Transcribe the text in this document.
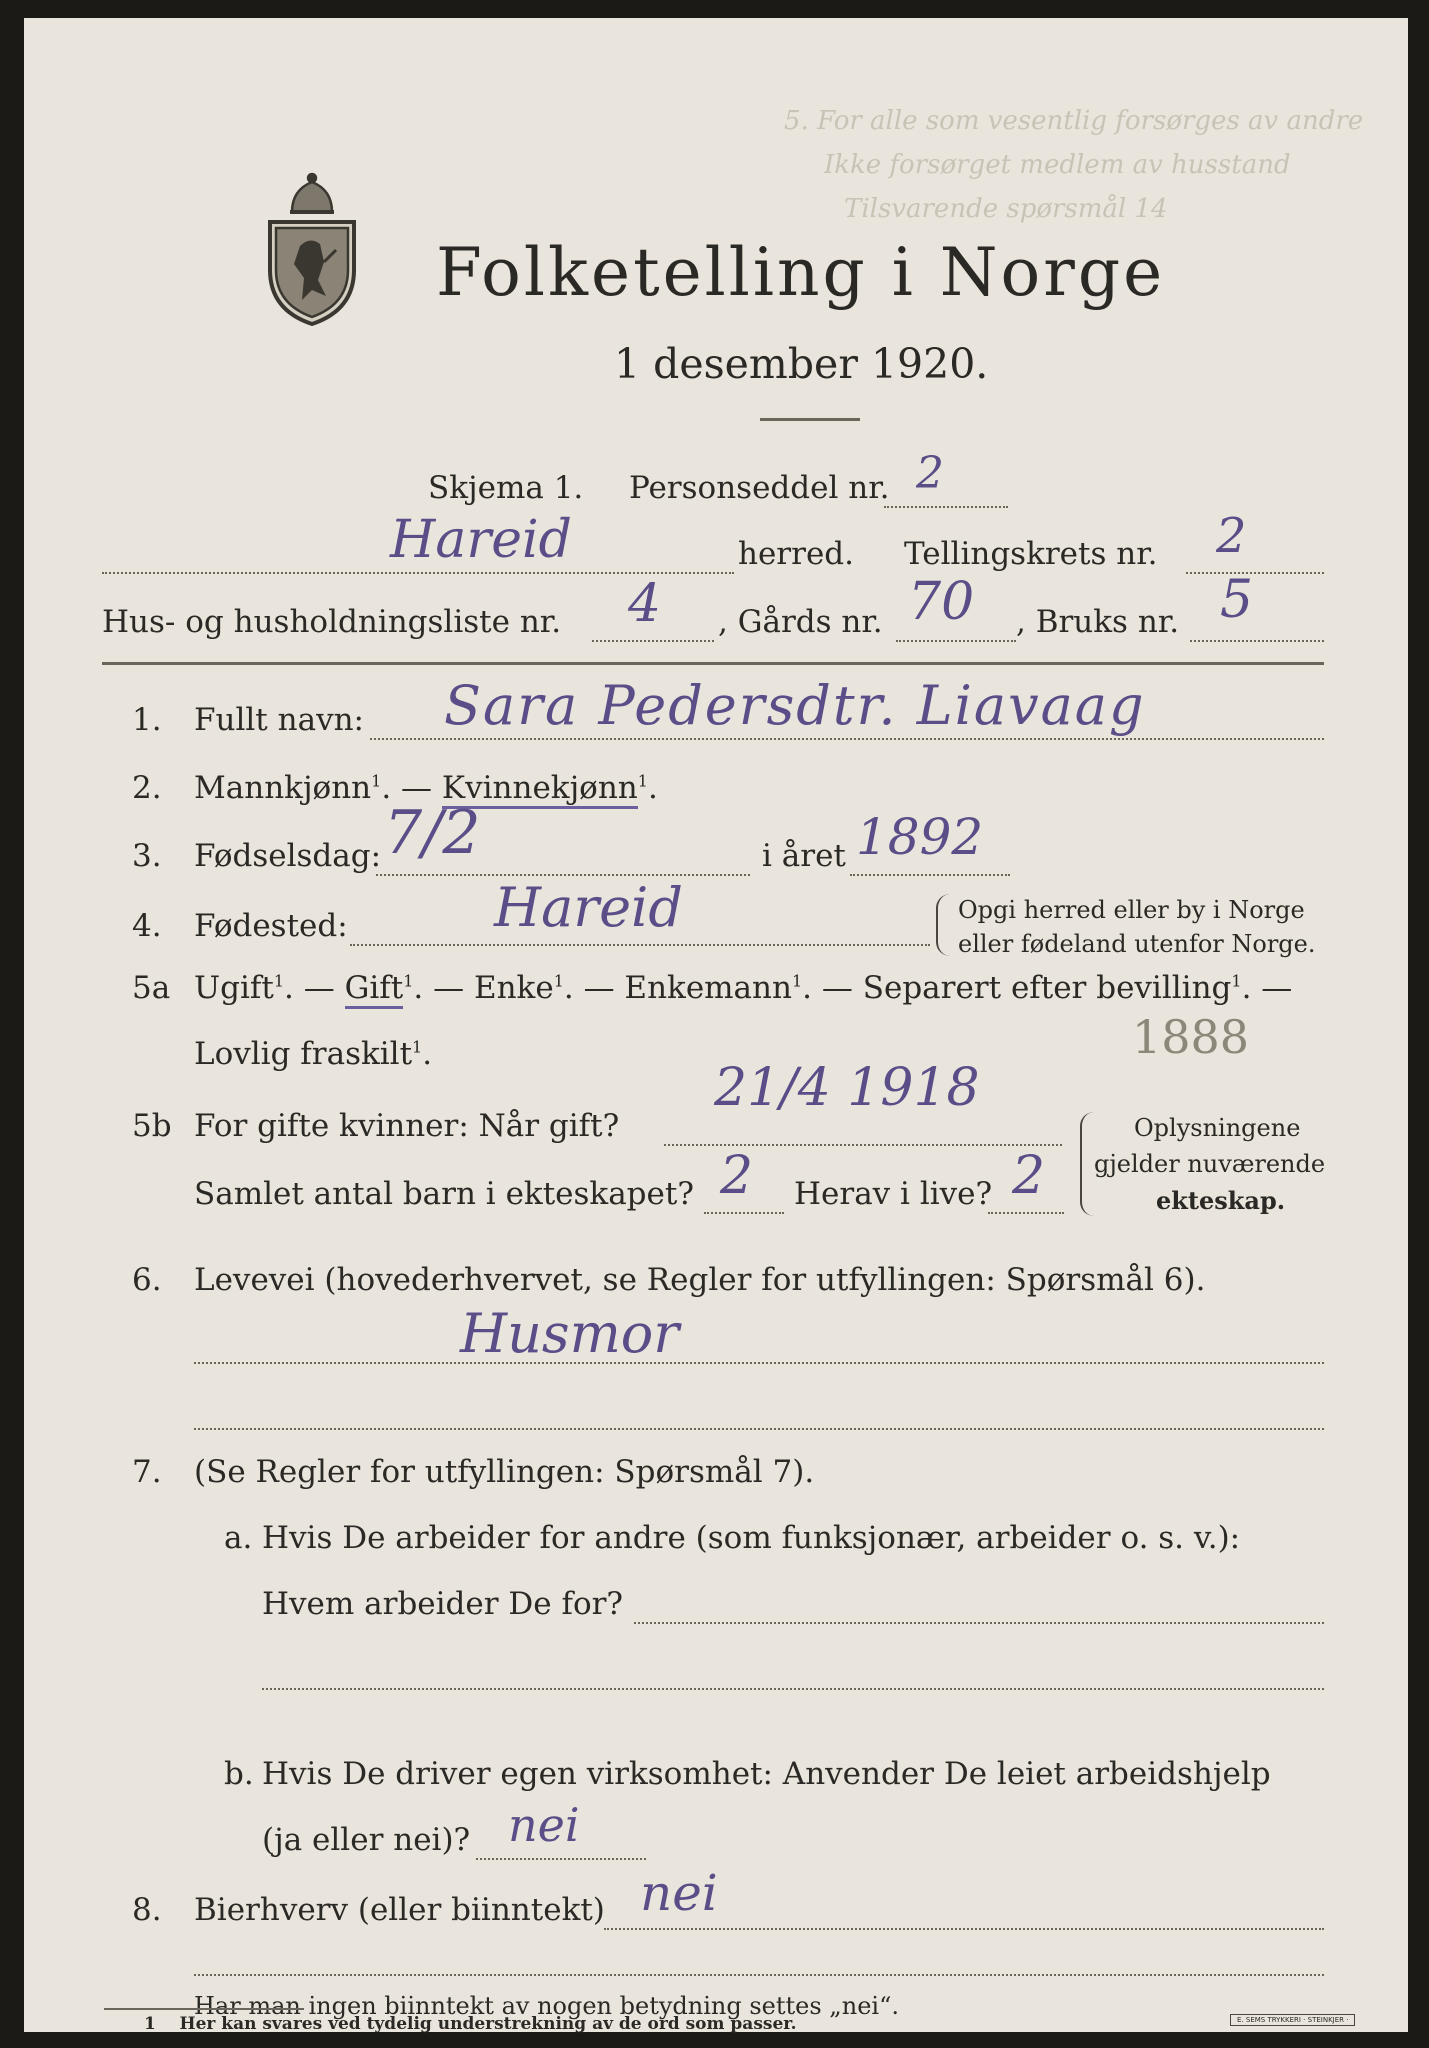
5. For alle som vesentlig forsørges av andre
Ikke forsørget medlem av husstand
Tilsvarende spørsmål 14
Folketelling i Norge
1 desember 1920.
Skjema 1. Personseddel nr. 2
Hareid	herred. Tellingskrets nr. 2
Hus- og husholdningsliste nr. 4 , Gårds nr. 70 , Bruks nr. 5
1. Fullt navn: Sara Pedersdtr. Liavaag
2. Mannkjønn$^1$. — Kvinnekjønn$^1$.
3. Fødselsdag: 7/2	i året 1892
4. Fødested:	Hareid	Opgi herred eller by i Norge
eller fødeland utenfor Norge.
5a Ugift$^1$. — Gift$^1$. — Enke$^1$. — Enkemann$^1$. — Separert efter bevilling$^1$. —
Lovlig fraskilt$^1$.	1888
5b For gifte kvinner: Når gift?
21/4 1918
Samlet antal barn i ekteskapet? 2 Herav i live? 2
Oplysningene
gjelder nuværende
ekteskap.
6. Levevei (hovederhvervet, se Regler for utfyllingen: Spørsmål 6).
Husmor
7. (Se Regler for utfyllingen: Spørsmål 7).
a. Hvis De arbeider for andre (som funksjonær, arbeider o. s. v.):
Hvem arbeider De for?
b. Hvis De driver egen virksomhet: Anvender De leiet arbeidshjelp
(ja eller nei)? nei
8. Bierhverv (eller biinntekt) nei
Har man ingen biinntekt av nogen betydning settes „nei“.
1 Her kan svares ved tydelig understrekning av de ord som passer.	E. SEMS TRYKKERI · STEINKJER ·
